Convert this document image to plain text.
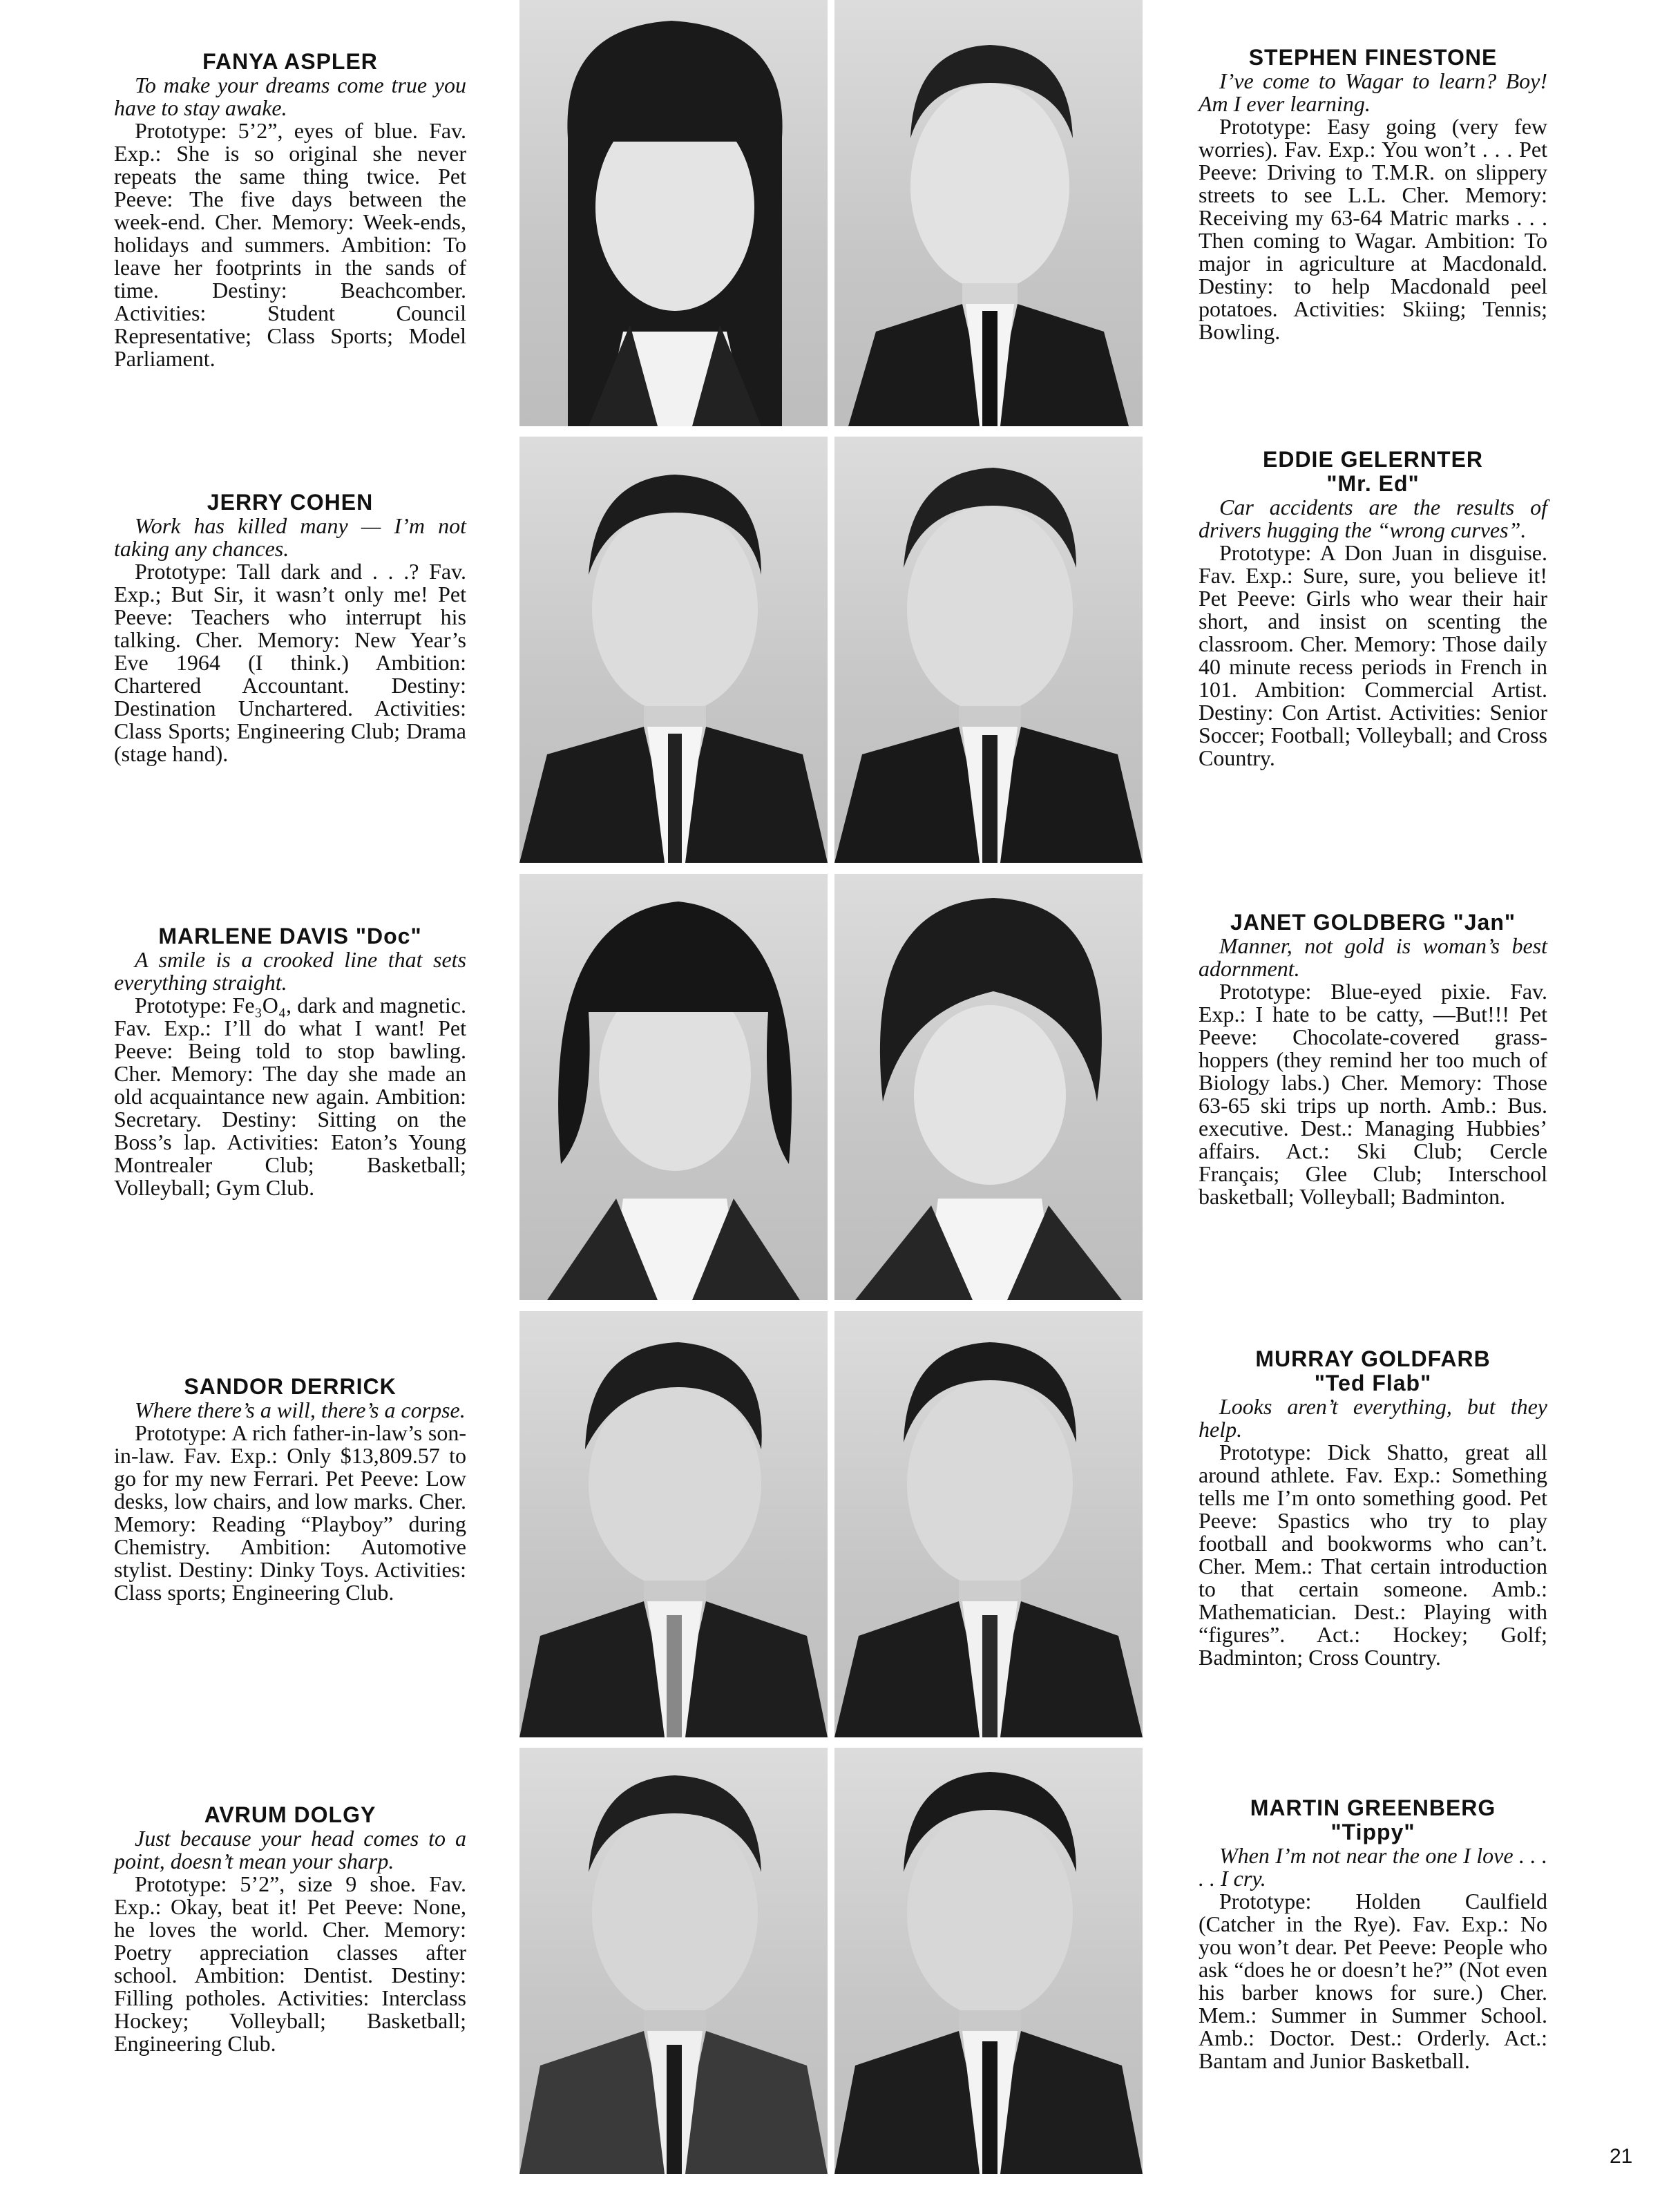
FANYA ASPLER
To make your dreams come true you have to stay awake.
Prototype: 5’2”, eyes of blue. Fav. Exp.: She is so original she never repeats the same thing twice. Pet Peeve: The five days between the week-end. Cher. Memory: Week-ends, holidays and summers. Ambition: To leave her footprints in the sands of time. Destiny: Beachcomber. Activities: Student Council Representative; Class Sports; Model Parliament.
JERRY COHEN
Work has killed many — I’m not taking any chances.
Prototype: Tall dark and . . .? Fav. Exp.; But Sir, it wasn’t only me! Pet Peeve: Teachers who interrupt his talking. Cher. Memory: New Year’s Eve 1964 (I think.) Ambition: Chartered Accountant. Destiny: Destination Unchartered. Activities: Class Sports; Engineering Club; Drama (stage hand).
MARLENE DAVIS "Doc"
A smile is a crooked line that sets everything straight.
Prototype: Fe₃O₄, dark and magnetic. Fav. Exp.: I’ll do what I want! Pet Peeve: Being told to stop bawling. Cher. Memory: The day she made an old acquaintance new again. Ambition: Secretary. Destiny: Sitting on the Boss’s lap. Activities: Eaton’s Young Montrealer Club; Basketball; Volleyball; Gym Club.
SANDOR DERRICK
Where there’s a will, there’s a corpse.
Prototype: A rich father-in-law’s son-in-law. Fav. Exp.: Only $13,809.57 to go for my new Ferrari. Pet Peeve: Low desks, low chairs, and low marks. Cher. Memory: Reading “Playboy” during Chemistry. Ambition: Automotive stylist. Destiny: Dinky Toys. Activities: Class sports; Engineering Club.
AVRUM DOLGY
Just because your head comes to a point, doesn’t mean your sharp.
Prototype: 5’2”, size 9 shoe. Fav. Exp.: Okay, beat it! Pet Peeve: None, he loves the world. Cher. Memory: Poetry appreciation classes after school. Ambition: Dentist. Destiny: Filling potholes. Activities: Interclass Hockey; Volleyball; Basketball; Engineering Club.
STEPHEN FINESTONE
I’ve come to Wagar to learn? Boy! Am I ever learning.
Prototype: Easy going (very few worries). Fav. Exp.: You won’t . . . Pet Peeve: Driving to T.M.R. on slippery streets to see L.L. Cher. Memory: Receiving my 63-64 Matric marks . . . Then coming to Wagar. Ambition: To major in agriculture at Macdonald. Destiny: to help Macdonald peel potatoes. Activities: Skiing; Tennis; Bowling.
EDDIE GELERNTER
"Mr. Ed"
Car accidents are the results of drivers hugging the “wrong curves”.
Prototype: A Don Juan in disguise. Fav. Exp.: Sure, sure, you believe it! Pet Peeve: Girls who wear their hair short, and insist on scenting the classroom. Cher. Memory: Those daily 40 minute recess periods in French in 101. Ambition: Commercial Artist. Destiny: Con Artist. Activities: Senior Soccer; Football; Volleyball; and Cross Country.
JANET GOLDBERG "Jan"
Manner, not gold is woman’s best adornment.
Prototype: Blue-eyed pixie. Fav. Exp.: I hate to be catty, —But!!! Pet Peeve: Chocolate-covered grass-hoppers (they remind her too much of Biology labs.) Cher. Memory: Those 63-65 ski trips up north. Amb.: Bus. executive. Dest.: Managing Hubbies’ affairs. Act.: Ski Club; Cercle Français; Glee Club; Interschool basketball; Volleyball; Badminton.
MURRAY GOLDFARB
"Ted Flab"
Looks aren’t everything, but they help.
Prototype: Dick Shatto, great all around athlete. Fav. Exp.: Something tells me I’m onto something good. Pet Peeve: Spastics who try to play football and bookworms who can’t. Cher. Mem.: That certain introduction to that certain someone. Amb.: Mathematician. Dest.: Playing with “figures”. Act.: Hockey; Golf; Badminton; Cross Country.
MARTIN GREENBERG
"Tippy"
When I’m not near the one I love . . . . . I cry.
Prototype: Holden Caulfield (Catcher in the Rye). Fav. Exp.: No you won’t dear. Pet Peeve: People who ask “does he or doesn’t he?” (Not even his barber knows for sure.) Cher. Mem.: Summer in Summer School. Amb.: Doctor. Dest.: Orderly. Act.: Bantam and Junior Basketball.
21
